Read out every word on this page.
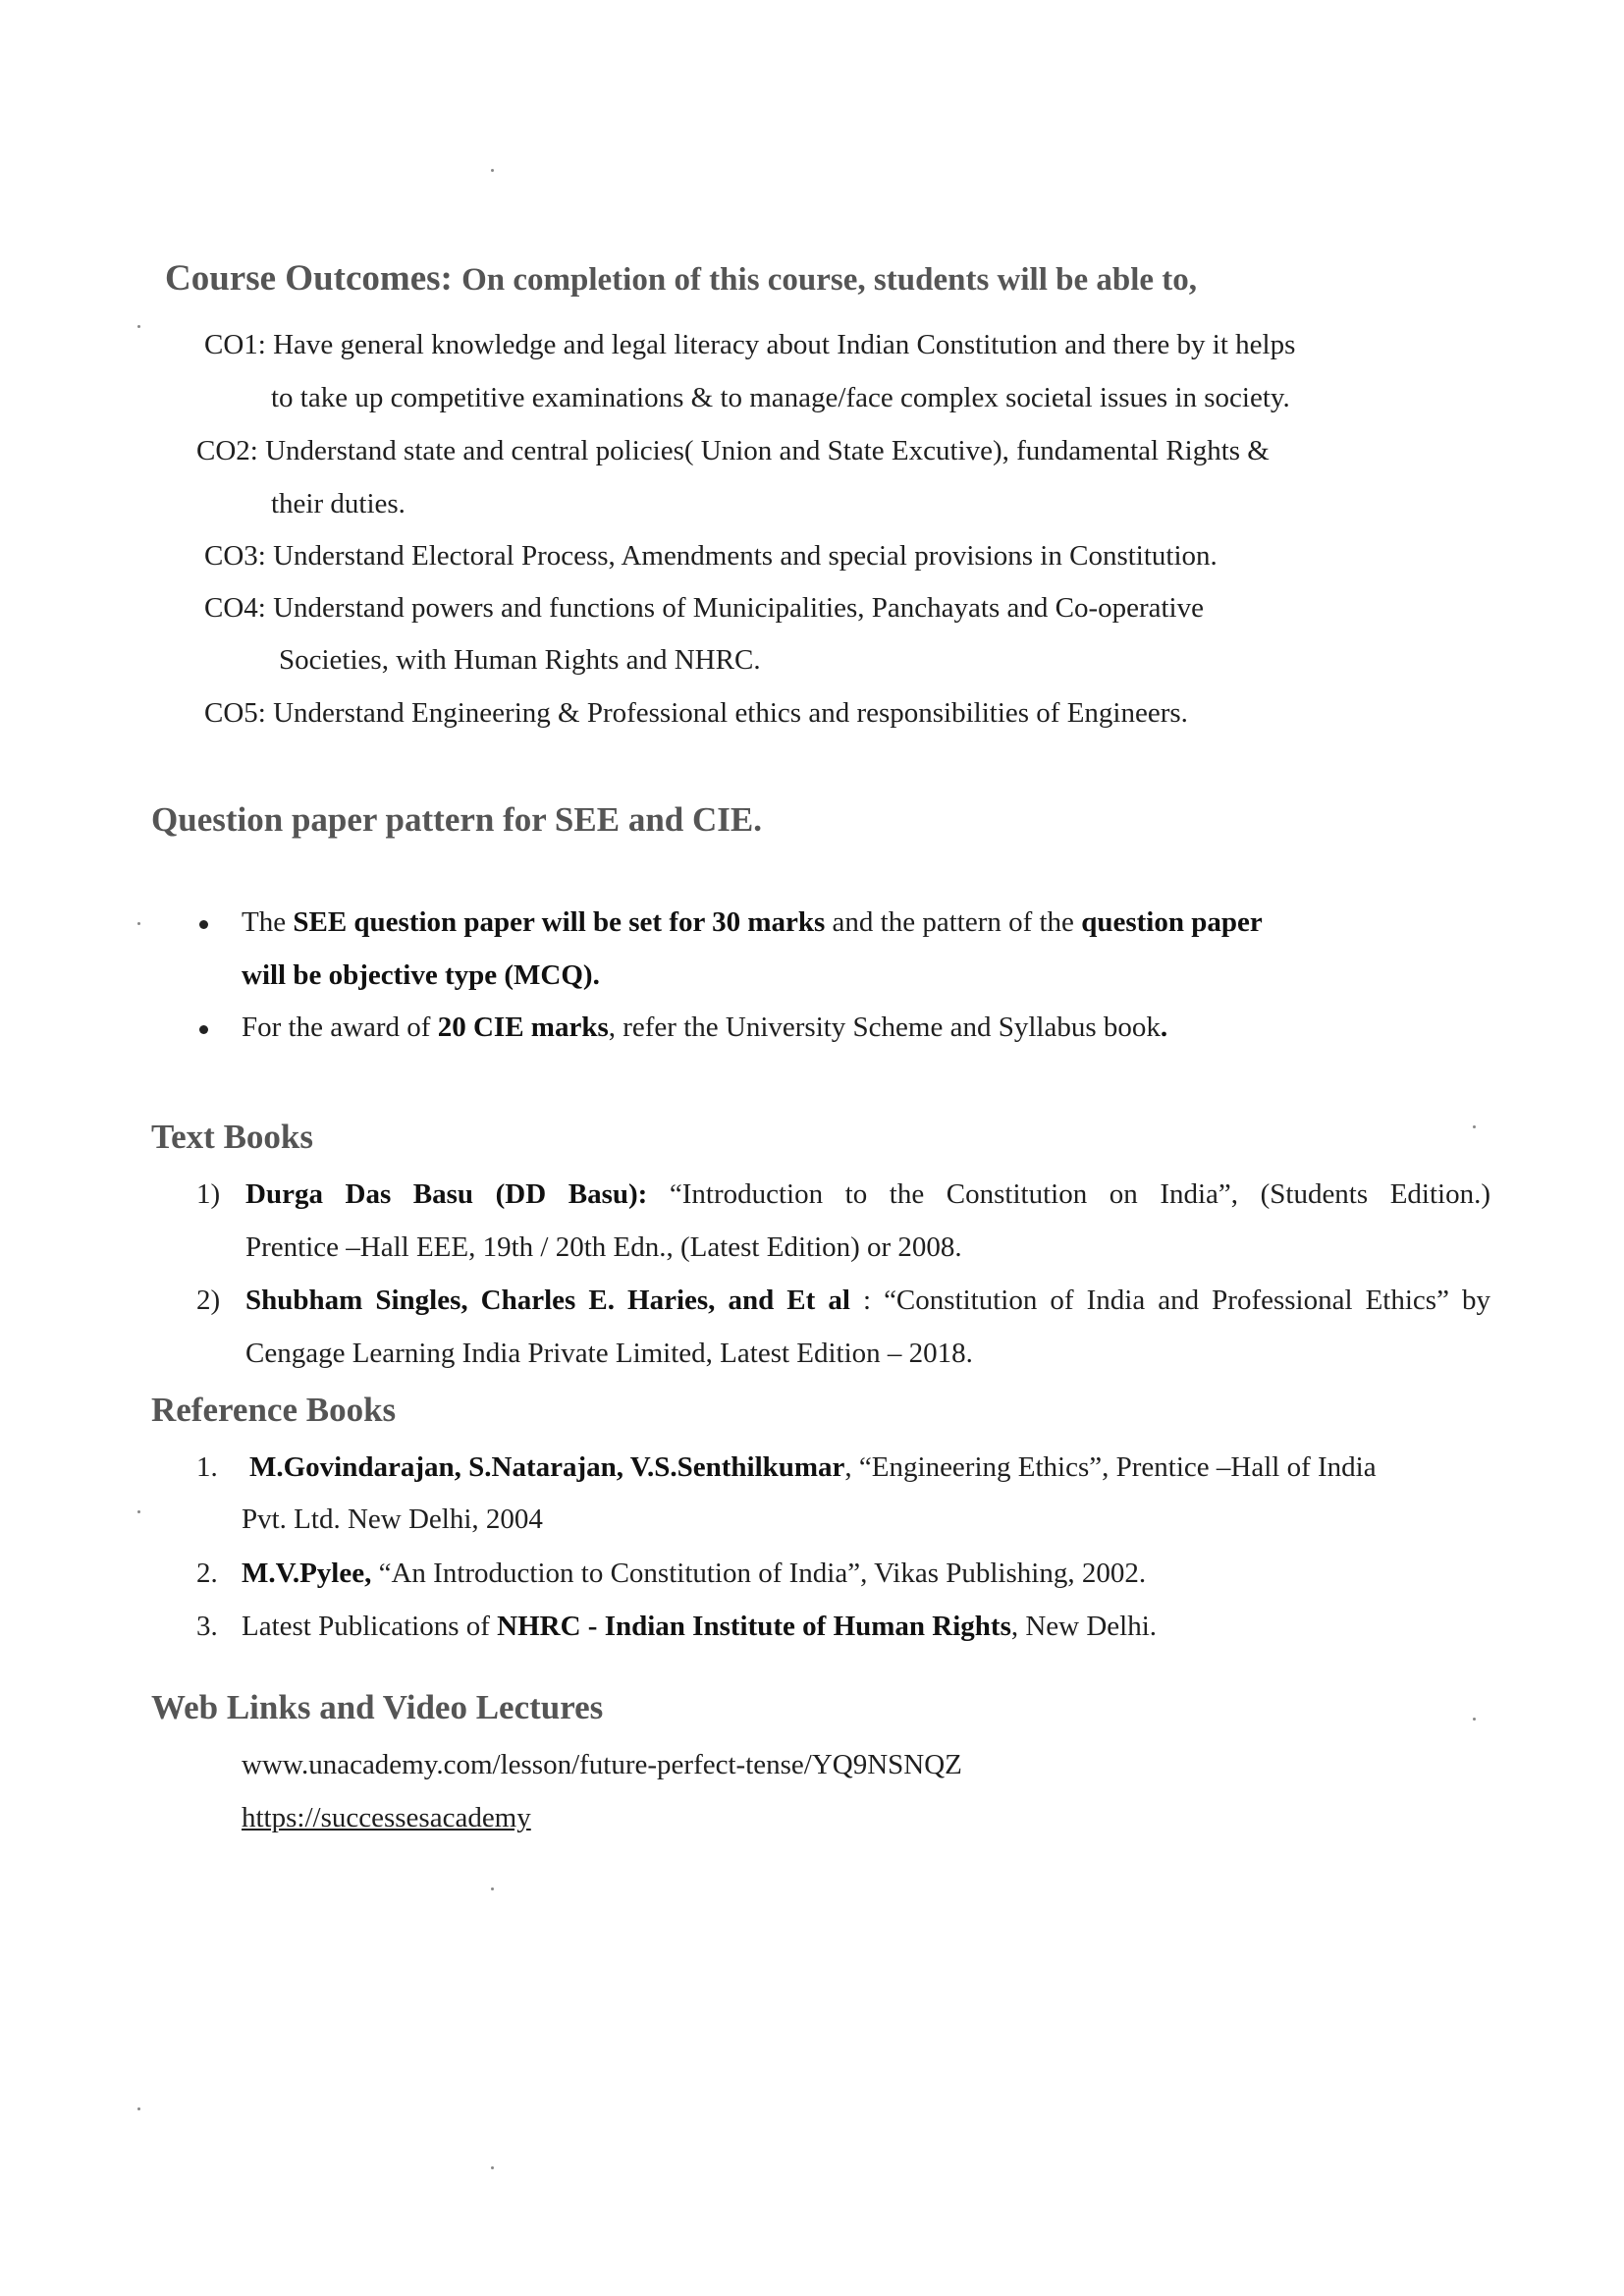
Course Outcomes: On completion of this course, students will be able to,
CO1: Have general knowledge and legal literacy about Indian Constitution and there by it helps
to take up competitive examinations & to manage/face complex societal issues in society.
CO2: Understand state and central policies( Union and State Excutive), fundamental Rights &
their duties.
CO3: Understand Electoral Process, Amendments and special provisions in Constitution.
CO4: Understand powers and functions of Municipalities, Panchayats and Co-operative
Societies, with Human Rights and NHRC.
CO5: Understand Engineering & Professional ethics and responsibilities of Engineers.
Question paper pattern for SEE and CIE.
The SEE question paper will be set for 30 marks and the pattern of the question paper
will be objective type (MCQ).
For the award of 20 CIE marks, refer the University Scheme and Syllabus book.
Text Books
1) Durga Das Basu (DD Basu): “Introduction to the Constitution on India”, (Students Edition.)
Prentice –Hall EEE, 19th / 20th Edn., (Latest Edition) or 2008.
2) Shubham Singles, Charles E. Haries, and Et al : “Constitution of India and Professional Ethics” by
Cengage Learning India Private Limited, Latest Edition – 2018.
Reference Books
1. M.Govindarajan, S.Natarajan, V.S.Senthilkumar, “Engineering Ethics”, Prentice –Hall of India
Pvt. Ltd. New Delhi, 2004
2. M.V.Pylee, “An Introduction to Constitution of India”, Vikas Publishing, 2002.
3. Latest Publications of NHRC - Indian Institute of Human Rights, New Delhi.
Web Links and Video Lectures
www.unacademy.com/lesson/future-perfect-tense/YQ9NSNQZ
https://successesacademy
